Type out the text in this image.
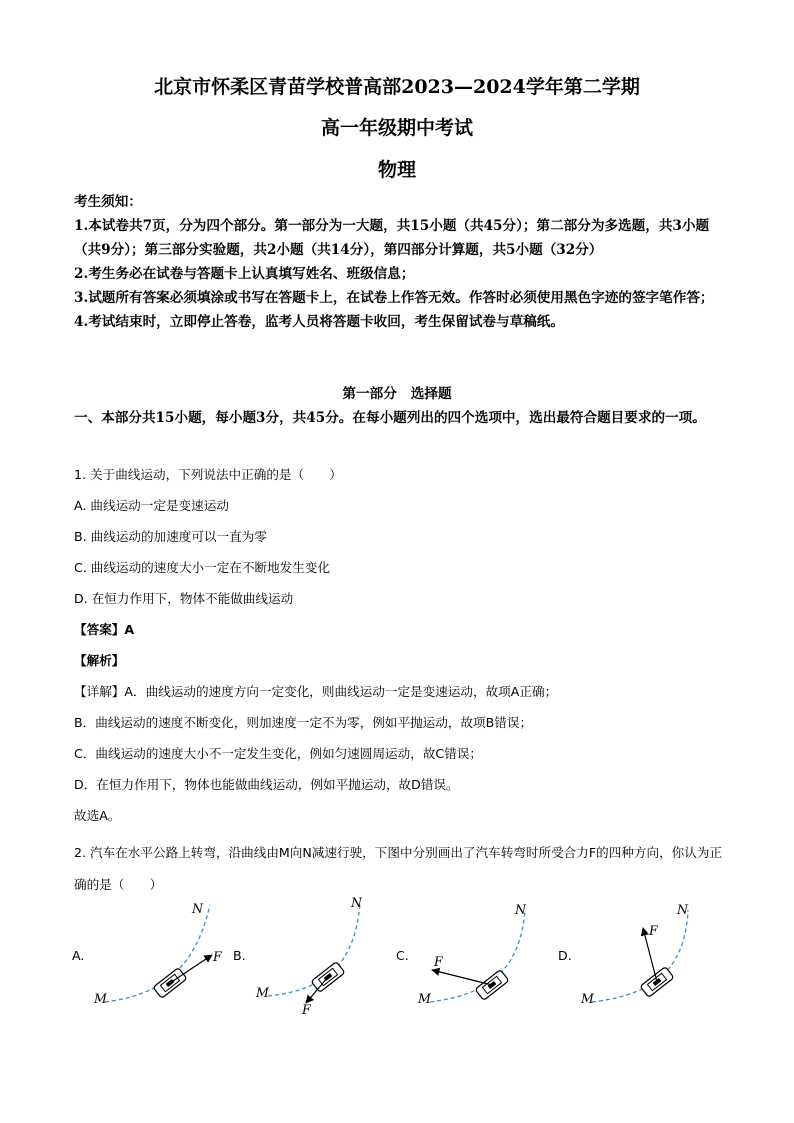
北京市怀柔区青苗学校普高部2023—2024学年第二学期
高一年级期中考试
物理

考生须知：

1.本试卷共7页，分为四个部分。第一部分为一大题，共15小题（共45分）；第二部分为多选题，共3小题（共9分）；第三部分实验题，共2小题（共14分），第四部分计算题，共5小题（32分）

2.考生务必在试卷与答题卡上认真填写姓名、班级信息；

3.试题所有答案必须填涂或书写在答题卡上，在试卷上作答无效。作答时必须使用黑色字迹的签字笔作答；

4.考试结束时，立即停止答卷，监考人员将答题卡收回，考生保留试卷与草稿纸。

第一部分 选择题

一、本部分共15小题，每小题3分，共45分。在每小题列出的四个选项中，选出最符合题目要求的一项。

1. 关于曲线运动，下列说法中正确的是（　　）

A. 曲线运动一定是变速运动

B. 曲线运动的加速度可以一直为零

C. 曲线运动的速度大小一定在不断地发生变化

D. 在恒力作用下，物体不能做曲线运动

【答案】A

【解析】

【详解】A．曲线运动的速度方向一定变化，则曲线运动一定是变速运动，故项A正确；

B．曲线运动的速度不断变化，则加速度一定不为零，例如平抛运动，故项B错误；

C．曲线运动的速度大小不一定发生变化，例如匀速圆周运动，故C错误；

D．在恒力作用下，物体也能做曲线运动，例如平抛运动，故D错误。

故选A。

2. 汽车在水平公路上转弯，沿曲线由M向N减速行驶，下图中分别画出了汽车转弯时所受合力F的四种方向，你认为正确的是（　　）

A.	B.	C.	D.
N
M
F
N
M
F
N
M
F
N
M
F
